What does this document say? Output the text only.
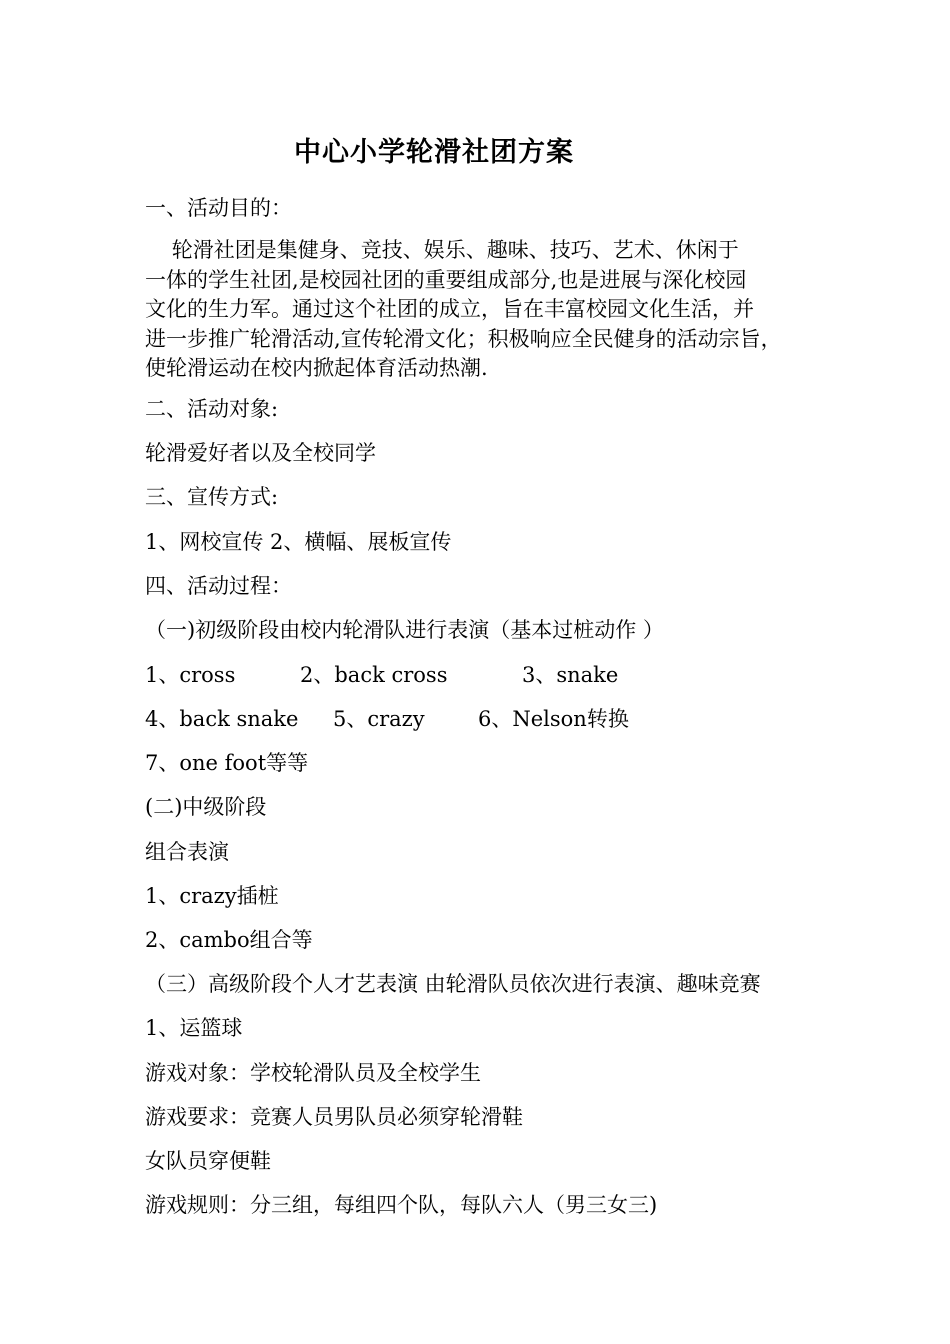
中心小学轮滑社团方案
一、活动目的：
轮滑社团是集健身、竞技、娱乐、趣味、技巧、艺术、休闲于
一体的学生社团,是校园社团的重要组成部分,也是进展与深化校园
文化的生力军。通过这个社团的成立，旨在丰富校园文化生活，并
进一步推广轮滑活动,宣传轮滑文化；积极响应全民健身的活动宗旨，
使轮滑运动在校内掀起体育活动热潮.
二、活动对象:
轮滑爱好者以及全校同学
三、宣传方式:
1、网校宣传 2、横幅、展板宣传
四、活动过程：
（一)初级阶段由校内轮滑队进行表演（基本过桩动作 ）
1、cross	2、back cross	3、snake
4、back snake 5、crazy	6、Nelson转换
7、one foot等等
(二)中级阶段
组合表演
1、crazy插桩
2、cambo组合等
（三）高级阶段个人才艺表演 由轮滑队员依次进行表演、趣味竞赛
1、运篮球
游戏对象：学校轮滑队员及全校学生
游戏要求：竞赛人员男队员必须穿轮滑鞋
女队员穿便鞋
游戏规则：分三组，每组四个队，每队六人（男三女三)
